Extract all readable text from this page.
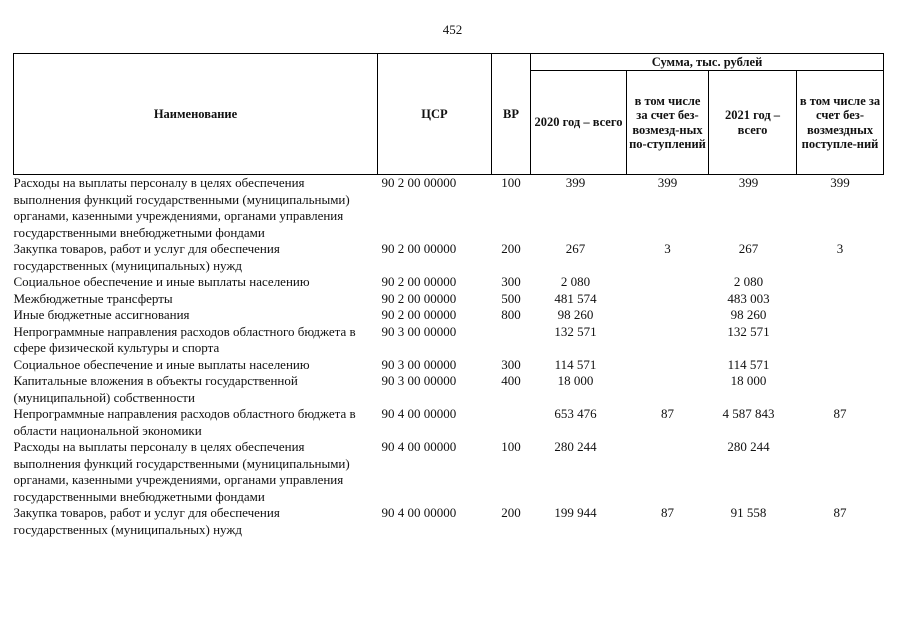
452
Наименование	ЦСР	ВР	Сумма, тыс. рублей			
			2020 год – всего	в том числе за счет без-возмезд-ных по-ступлений	2021 год – всего	в том числе за счет без-возмездных поступле-ний
Расходы на выплаты персоналу в целях обеспечения выполнения функций государственными (муниципальными) органами, казенными учреждениями, органами управления государственными внебюджетными фондами	90 2 00 00000	100	399	399	399	399
Закупка товаров, работ и услуг для обеспечения государственных (муниципальных) нужд	90 2 00 00000	200	267	3	267	3
Социальное обеспечение и иные выплаты населению	90 2 00 00000	300	2 080		2 080	
Межбюджетные трансферты	90 2 00 00000	500	481 574		483 003	
Иные бюджетные ассигнования	90 2 00 00000	800	98 260		98 260	
Непрограммные направления расходов областного бюджета в сфере физической культуры и спорта	90 3 00 00000		132 571		132 571	
Социальное обеспечение и иные выплаты населению	90 3 00 00000	300	114 571		114 571	
Капитальные вложения в объекты государственной (муниципальной) собственности	90 3 00 00000	400	18 000		18 000	
Непрограммные направления расходов областного бюджета в области национальной экономики	90 4 00 00000		653 476	87	4 587 843	87
Расходы на выплаты персоналу в целях обеспечения выполнения функций государственными (муниципальными) органами, казенными учреждениями, органами управления государственными внебюджетными фондами	90 4 00 00000	100	280 244		280 244	
Закупка товаров, работ и услуг для обеспечения государственных (муниципальных) нужд	90 4 00 00000	200	199 944	87	91 558	87
